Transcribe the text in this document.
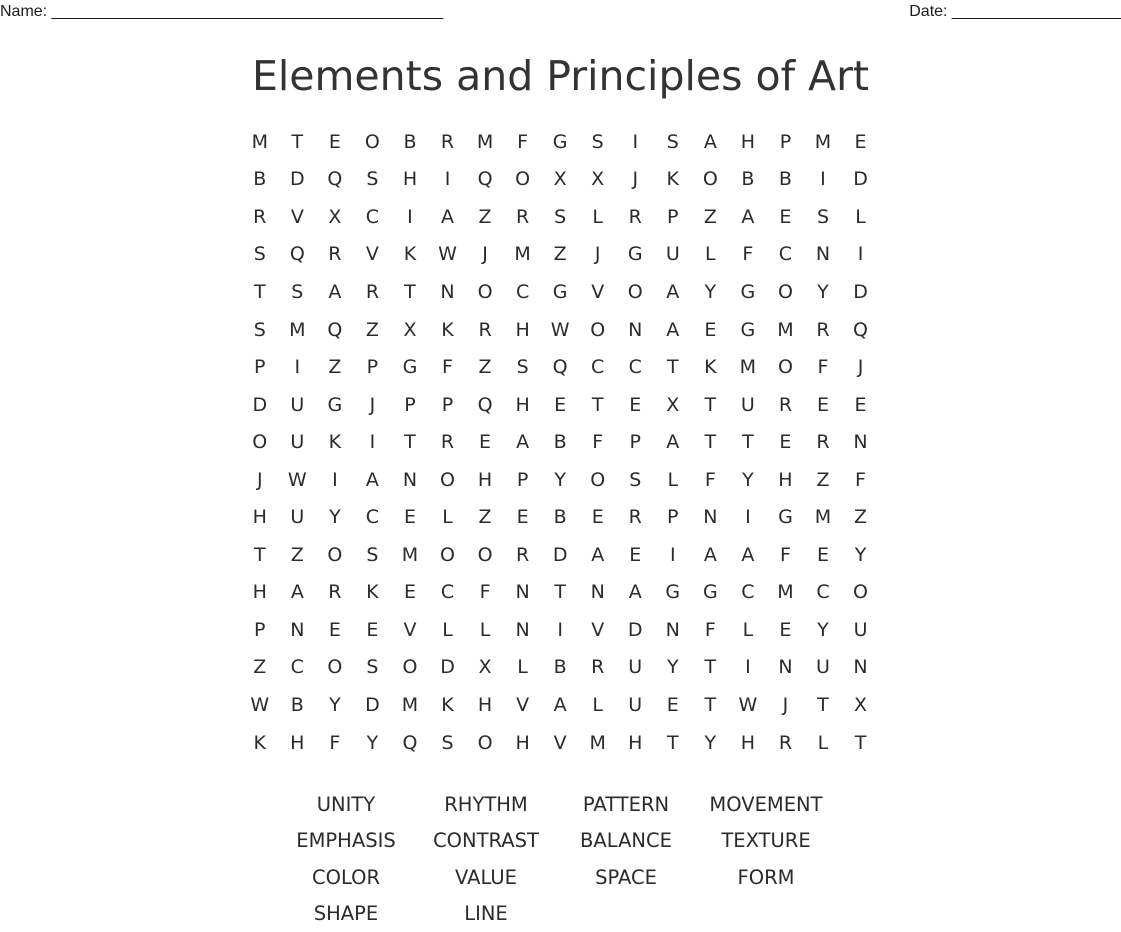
Name: ____________________________________________	Date: ___________________
Elements and Principles of Art
M	T	E	O	B	R	M	F	G	S	I	S	A	H	P	M	E
B	D	Q	S	H	I	Q	O	X	X	J	K	O	B	B	I	D
R	V	X	C	I	A	Z	R	S	L	R	P	Z	A	E	S	L
S	Q	R	V	K	W	J	M	Z	J	G	U	L	F	C	N	I
T	S	A	R	T	N	O	C	G	V	O	A	Y	G	O	Y	D
S	M	Q	Z	X	K	R	H	W	O	N	A	E	G	M	R	Q
P	I	Z	P	G	F	Z	S	Q	C	C	T	K	M	O	F	J
D	U	G	J	P	P	Q	H	E	T	E	X	T	U	R	E	E
O	U	K	I	T	R	E	A	B	F	P	A	T	T	E	R	N
J	W	I	A	N	O	H	P	Y	O	S	L	F	Y	H	Z	F
H	U	Y	C	E	L	Z	E	B	E	R	P	N	I	G	M	Z
T	Z	O	S	M	O	O	R	D	A	E	I	A	A	F	E	Y
H	A	R	K	E	C	F	N	T	N	A	G	G	C	M	C	O
P	N	E	E	V	L	L	N	I	V	D	N	F	L	E	Y	U
Z	C	O	S	O	D	X	L	B	R	U	Y	T	I	N	U	N
W	B	Y	D	M	K	H	V	A	L	U	E	T	W	J	T	X
K	H	F	Y	Q	S	O	H	V	M	H	T	Y	H	R	L	T
UNITY	RHYTHM	PATTERN	MOVEMENT
EMPHASIS	CONTRAST	BALANCE	TEXTURE
COLOR	VALUE	SPACE	FORM
SHAPE	LINE
